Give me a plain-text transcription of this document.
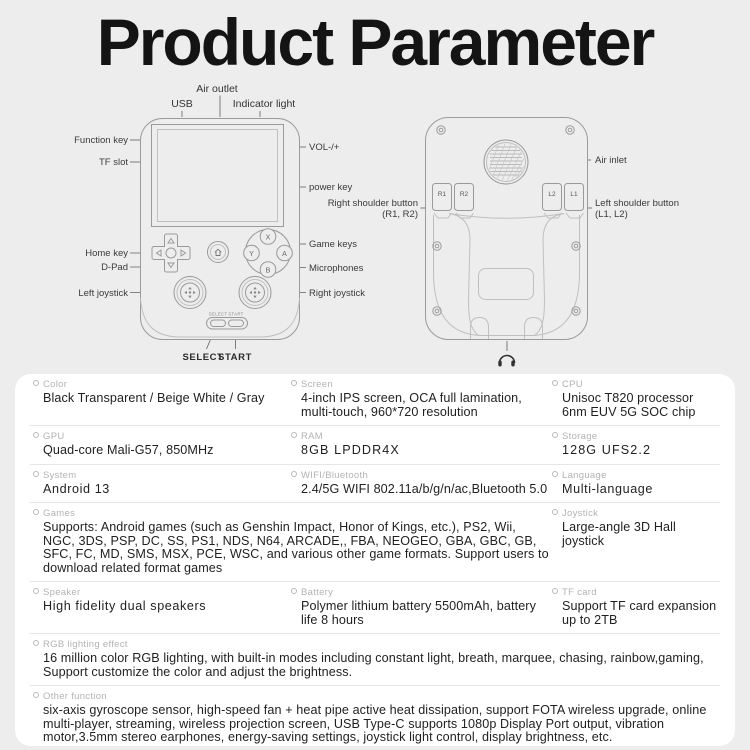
Product Parameter
X
Y	A
B
SELECT START
Air outlet
USB	Indicator light
Function key
TF slot
VOL-/+
power key
Home key
D-Pad
Left joystick
Game keys
Microphones
Right joystick
SELECT
START
R1 R2	L2 L1
Air inlet
Right shoulder button
(R1, R2)
Left shoulder button
(L1, L2)
Color
Black Transparent / Beige White / Gray
Screen
4-inch IPS screen, OCA full lamination, multi-touch, 960*720 resolution
CPU
Unisoc T820 processor 6nm EUV 5G SOC chip
GPU
Quad-core Mali-G57, 850MHz
RAM
8GB LPDDR4X
Storage
128G UFS2.2
System
Android 13
WIFI/Bluetooth
2.4/5G WIFI 802.11a/b/g/n/ac,Bluetooth 5.0
Language
Multi-language
Games
Supports: Android games (such as Genshin Impact, Honor of Kings, etc.), PS2, Wii, NGC, 3DS, PSP, DC, SS, PS1, NDS, N64, ARCADE,, FBA, NEOGEO, GBA, GBC, GB, SFC, FC, MD, SMS, MSX, PCE, WSC, and various other game formats. Support users to download related format games
Joystick
Large-angle 3D Hall joystick
Speaker
High fidelity dual speakers
Battery
Polymer lithium battery 5500mAh, battery life 8 hours
TF card
Support TF card expansion up to 2TB
RGB lighting effect
16 million color RGB lighting, with built-in modes including constant light, breath, marquee, chasing, rainbow,gaming, Support customize the color and adjust the brightness.
Other function
six-axis gyroscope sensor, high-speed fan + heat pipe active heat dissipation, support FOTA wireless upgrade, online multi-player, streaming, wireless projection screen, USB Type-C supports 1080p Display Port output, vibration motor,3.5mm stereo earphones, energy-saving settings, joystick light control, display brightness, etc.
